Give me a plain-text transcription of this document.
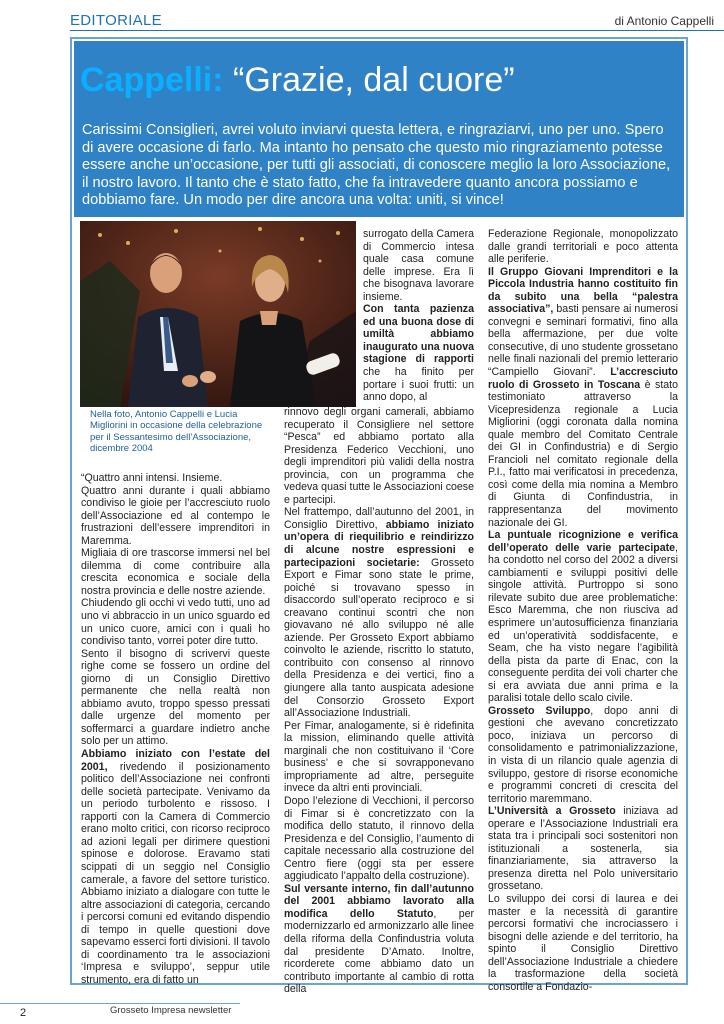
EDITORIALE	di Antonio Cappelli
Cappelli: “Grazie, dal cuore”
Carissimi Consiglieri, avrei voluto inviarvi questa lettera, e ringraziarvi, uno per uno. Spero di avere occasione di farlo. Ma intanto ho pensato che questo mio ringraziamento potesse essere anche un’occasione, per tutti gli associati, di conoscere meglio la loro Associazione, il nostro lavoro. Il tanto che è stato fatto, che fa intravedere quanto ancora possiamo e dobbiamo fare. Un modo per dire ancora una volta: uniti, si vince!
Nella foto, Antonio Cappelli e Lucia Migliorini in occasione della celebrazione per il Sessantesimo dell’Associazione, dicembre 2004

“Quattro anni intensi. Insieme.

Quattro anni durante i quali abbiamo condiviso le gioie per l’accresciuto ruolo dell’Associazione ed al contempo le frustrazioni dell’essere imprenditori in Maremma.

Migliaia di ore trascorse immersi nel bel dilemma di come contribuire alla crescita economica e sociale della nostra provincia e delle nostre aziende.

Chiudendo gli occhi vi vedo tutti, uno ad uno vi abbraccio in un unico sguardo ed un unico cuore, amici con i quali ho condiviso tanto, vorrei poter dire tutto.

Sento il bisogno di scrivervi queste righe come se fossero un ordine del giorno di un Consiglio Direttivo permanente che nella realtà non abbiamo avuto, troppo spesso pressati dalle urgenze del momento per soffermarci a guardare indietro anche solo per un attimo.

Abbiamo iniziato con l’estate del 2001, rivedendo il posizionamento politico dell’Associazione nei confronti delle società partecipate. Venivamo da un periodo turbolento e rissoso. I rapporti con la Camera di Commercio erano molto critici, con ricorso reciproco ad azioni legali per dirimere questioni spinose e dolorose. Eravamo stati scippati di un seggio nel Consiglio camerale, a favore del settore turistico. Abbiamo iniziato a dialogare con tutte le altre associazioni di categoria, cercando i percorsi comuni ed evitando dispendio di tempo in quelle questioni dove sapevamo esserci forti divisioni. Il tavolo di coordinamento tra le associazioni ‘Impresa e sviluppo’, seppur utile strumento, era di fatto un

surrogato della Camera di Commercio intesa quale casa comune delle imprese. Era lì che bisognava lavorare insieme.

Con tanta pazienza ed una buona dose di umiltà abbiamo inaugurato una nuova stagione di rapporti che ha finito per portare i suoi frutti: un anno dopo, al

rinnovo degli organi camerali, abbiamo recuperato il Consigliere nel settore “Pesca” ed abbiamo portato alla Presidenza Federico Vecchioni, uno degli imprenditori più validi della nostra provincia, con un programma che vedeva quasi tutte le Associazioni coese e partecipi.

Nel frattempo, dall’autunno del 2001, in Consiglio Direttivo, abbiamo iniziato un’opera di riequilibrio e reindirizzo di alcune nostre espressioni e partecipazioni societarie: Grosseto Export e Fimar sono state le prime, poiché si trovavano spesso in disaccordo sull’operato reciproco e si creavano continui scontri che non giovavano né allo sviluppo né alle aziende. Per Grosseto Export abbiamo coinvolto le aziende, riscritto lo statuto, contribuito con consenso al rinnovo della Presidenza e dei vertici, fino a giungere alla tanto auspicata adesione del Consorzio Grosseto Export all’Associazione Industriali.

Per Fimar, analogamente, si è ridefinita la mission, eliminando quelle attività marginali che non costituivano il ‘Core business’ e che si sovrapponevano impropriamente ad altre, perseguite invece da altri enti provinciali.

Dopo l’elezione di Vecchioni, il percorso di Fimar si è concretizzato con la modifica dello statuto, il rinnovo della Presidenza e del Consiglio, l’aumento di capitale necessario alla costruzione del Centro fiere (oggi sta per essere aggiudicato l’appalto della costruzione).

Sul versante interno, fin dall’autunno del 2001 abbiamo lavorato alla modifica dello Statuto, per modernizzarlo ed armonizzarlo alle linee della riforma della Confindustria voluta dal presidente D’Amato. Inoltre, ricorderete come abbiamo dato un contributo importante al cambio di rotta della

Federazione Regionale, monopolizzato dalle grandi territoriali e poco attenta alle periferie.

Il Gruppo Giovani Imprenditori e la Piccola Industria hanno costituito fin da subito una bella “palestra associativa”, basti pensare ai numerosi convegni e seminari formativi, fino alla bella affermazione, per due volte consecutive, di uno studente grossetano nelle finali nazionali del premio letterario “Campiello Giovani”. L’accresciuto ruolo di Grosseto in Toscana è stato testimoniato attraverso la Vicepresidenza regionale a Lucia Migliorini (oggi coronata dalla nomina quale membro del Comitato Centrale dei GI in Confindustria) e di Sergio Francioli nel comitato regionale della P.I., fatto mai verificatosi in precedenza, così come della mia nomina a Membro di Giunta di Confindustria, in rappresentanza del movimento nazionale dei GI.

La puntuale ricognizione e verifica dell’operato delle varie partecipate, ha condotto nel corso del 2002 a diversi cambiamenti e sviluppi positivi delle singole attività. Purtroppo si sono rilevate subito due aree problematiche: Esco Maremma, che non riusciva ad esprimere un’autosufficienza finanziaria ed un’operatività soddisfacente, e Seam, che ha visto negare l’agibilità della pista da parte di Enac, con la conseguente perdita dei voli charter che si era avviata due anni prima e la paralisi totale dello scalo civile.

Grosseto Sviluppo, dopo anni di gestioni che avevano concretizzato poco, iniziava un percorso di consolidamento e patrimonializzazione, in vista di un rilancio quale agenzia di sviluppo, gestore di risorse economiche e programmi concreti di crescita del territorio maremmano.

L’Università a Grosseto iniziava ad operare e l’Associazione Industriali era stata tra i principali soci sostenitori non istituzionali a sostenerla, sia finanziariamente, sia attraverso la presenza diretta nel Polo universitario grossetano.

Lo sviluppo dei corsi di laurea e dei master e la necessità di garantire percorsi formativi che incrociassero i bisogni delle aziende e del territorio, ha spinto il Consiglio Direttivo dell’Associazione Industriale a chiedere la trasformazione della società consortile a Fondazio-

2	Grosseto Impresa newsletter
